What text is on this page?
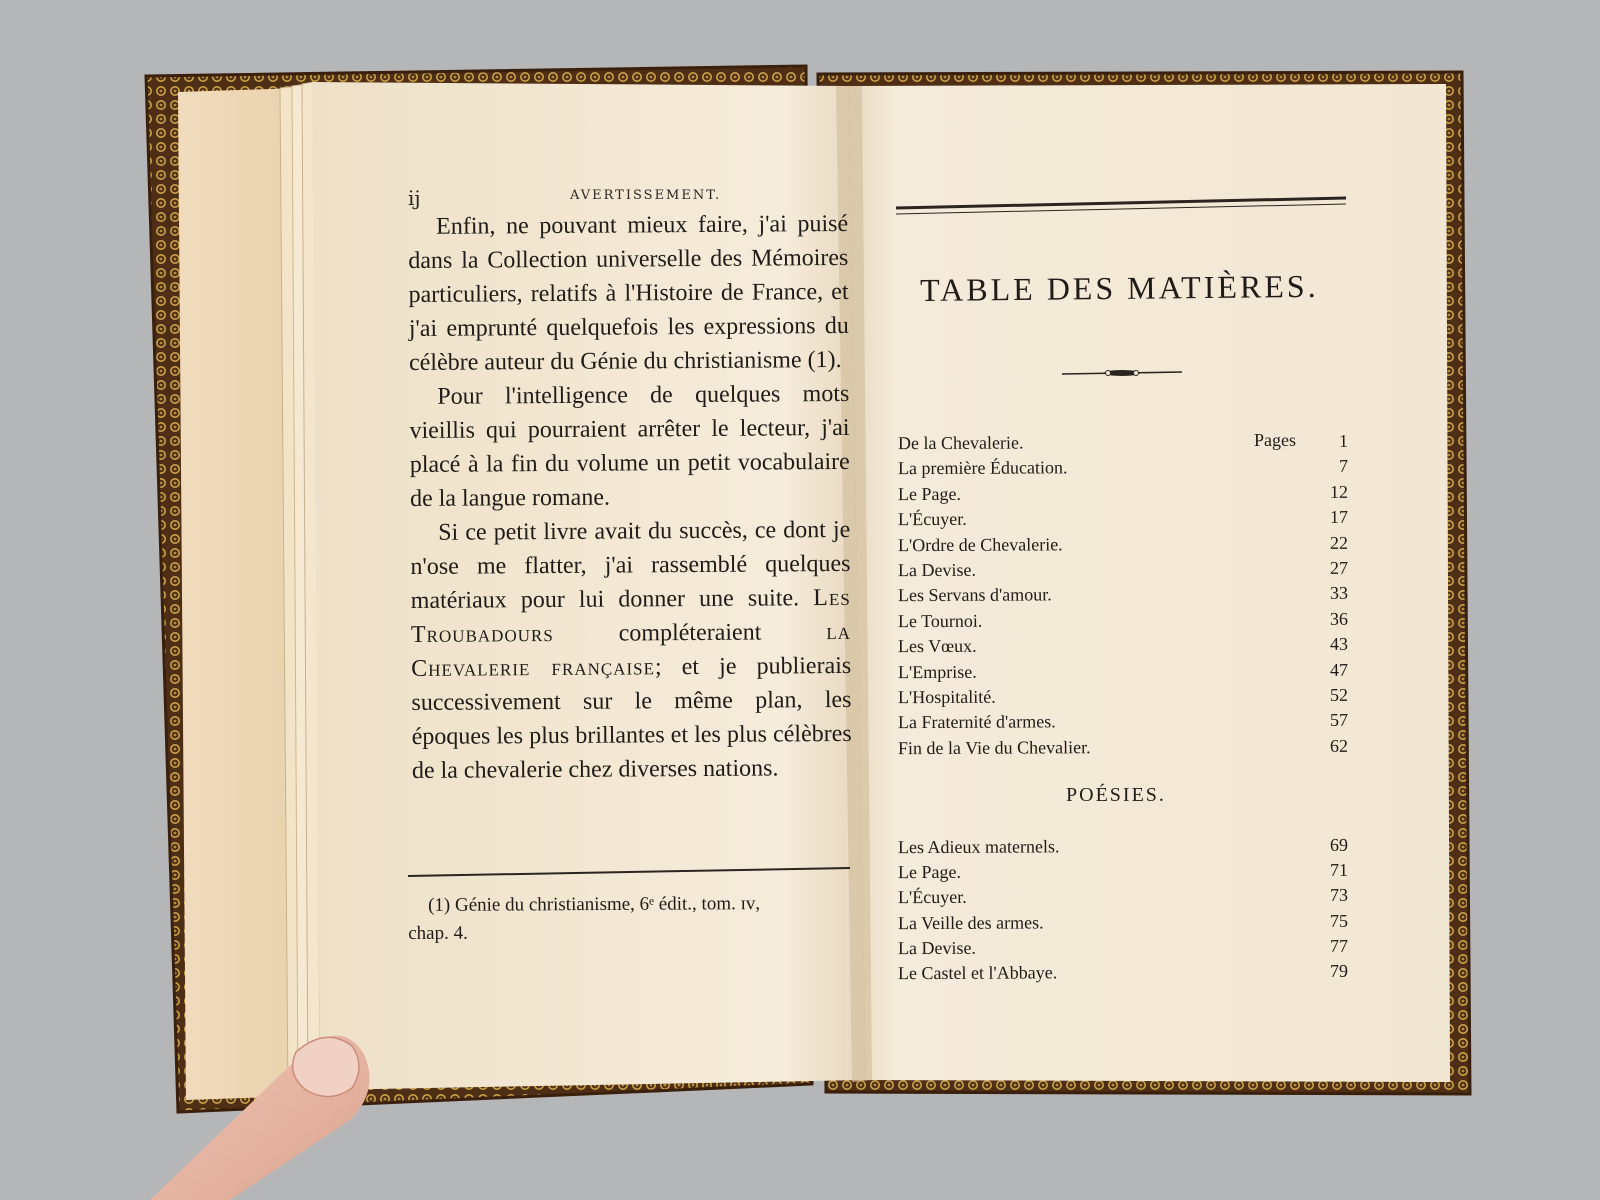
ij	AVERTISSEMENT.

Enfin, ne pouvant mieux faire, j'ai puisé dans la Collection universelle des Mémoires particuliers, relatifs à l'Histoire de France, et j'ai emprunté quelquefois les expressions du célèbre auteur du Génie du christianisme (1).

Pour l'intelligence de quelques mots vieillis qui pourraient arrêter le lecteur, j'ai placé à la fin du volume un petit vocabulaire de la langue romane.

Si ce petit livre avait du succès, ce dont je n'ose me flatter, j'ai rassemblé quelques matériaux pour lui donner une suite. Les Troubadours	compléteraient	la Chevalerie française; et je publierais successivement sur le même plan, les époques les plus brillantes et les plus célèbres de la chevalerie chez diverses nations.

(1) Génie du christianisme, 6ᵉ édit., tom. ɪᴠ,
chap. 4.
TABLE DES MATIÈRES.
Pages
De la Chevalerie.	1
La première Éducation.	7
Le Page.	12
L'Écuyer.	17
L'Ordre de Chevalerie.	22
La Devise.	27
Les Servans d'amour.	33
Le Tournoi.	36
Les Vœux.	43
L'Emprise.	47
L'Hospitalité.	52
La Fraternité d'armes.	57
Fin de la Vie du Chevalier.	62
Les Adieux maternels.	69
Le Page.	71
L'Écuyer.	73
La Veille des armes.	75
La Devise.	77
Le Castel et l'Abbaye.	79
POÉSIES.
